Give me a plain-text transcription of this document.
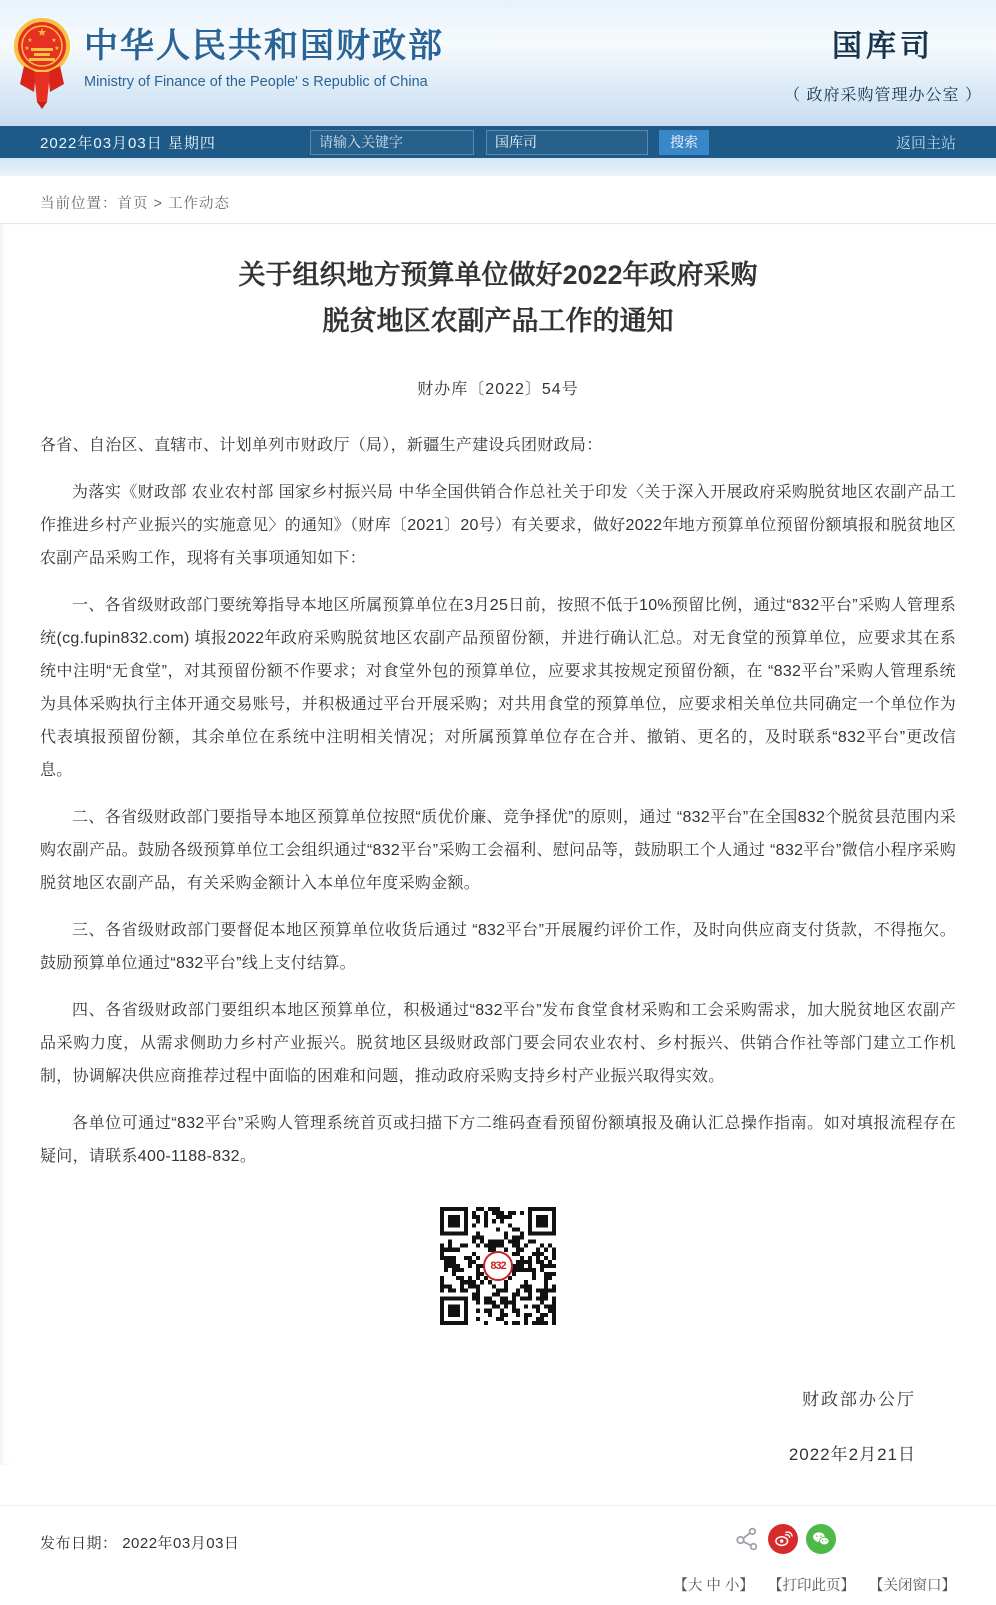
★
★	★
★	★ 中华人民共和国财政部
Ministry of Finance of the People' s Republic of China
国库司
（ 政府采购管理办公室 ）
2022年03月03日 星期四
请输入关键字	国库司	搜索	返回主站
当前位置：首页 > 工作动态
关于组织地方预算单位做好2022年政府采购
脱贫地区农副产品工作的通知
财办库〔2022〕54号

各省、自治区、直辖市、计划单列市财政厅（局），新疆生产建设兵团财政局：

为落实《财政部 农业农村部 国家乡村振兴局 中华全国供销合作总社关于印发〈关于深入开展政府采购脱贫地区农副产品工作推进乡村产业振兴的实施意见〉的通知》（财库〔2021〕20号）有关要求，做好2022年地方预算单位预留份额填报和脱贫地区农副产品采购工作，现将有关事项通知如下：

一、各省级财政部门要统筹指导本地区所属预算单位在3月25日前，按照不低于10%预留比例，通过“832平台”采购人管理系统(cg.fupin832.com) 填报2022年政府采购脱贫地区农副产品预留份额，并进行确认汇总。对无食堂的预算单位，应要求其在系统中注明“无食堂”，对其预留份额不作要求；对食堂外包的预算单位，应要求其按规定预留份额，在 “832平台”采购人管理系统为具体采购执行主体开通交易账号，并积极通过平台开展采购；对共用食堂的预算单位，应要求相关单位共同确定一个单位作为代表填报预留份额，其余单位在系统中注明相关情况；对所属预算单位存在合并、撤销、更名的，及时联系“832平台”更改信息。

二、各省级财政部门要指导本地区预算单位按照“质优价廉、竞争择优”的原则，通过 “832平台”在全国832个脱贫县范围内采购农副产品。鼓励各级预算单位工会组织通过“832平台”采购工会福利、慰问品等，鼓励职工个人通过 “832平台”微信小程序采购脱贫地区农副产品，有关采购金额计入本单位年度采购金额。

三、各省级财政部门要督促本地区预算单位收货后通过 “832平台”开展履约评价工作，及时向供应商支付货款，不得拖欠。鼓励预算单位通过“832平台”线上支付结算。

四、各省级财政部门要组织本地区预算单位，积极通过“832平台”发布食堂食材采购和工会采购需求，加大脱贫地区农副产品采购力度，从需求侧助力乡村产业振兴。脱贫地区县级财政部门要会同农业农村、乡村振兴、供销合作社等部门建立工作机制，协调解决供应商推荐过程中面临的困难和问题，推动政府采购支持乡村产业振兴取得实效。

各单位可通过“832平台”采购人管理系统首页或扫描下方二维码查看预留份额填报及确认汇总操作指南。如对填报流程存在疑问，请联系400-1188-832。

832
财政部办公厅
2022年2月21日
发布日期： 2022年03月03日
【大 中 小】 【打印此页】 【关闭窗口】
